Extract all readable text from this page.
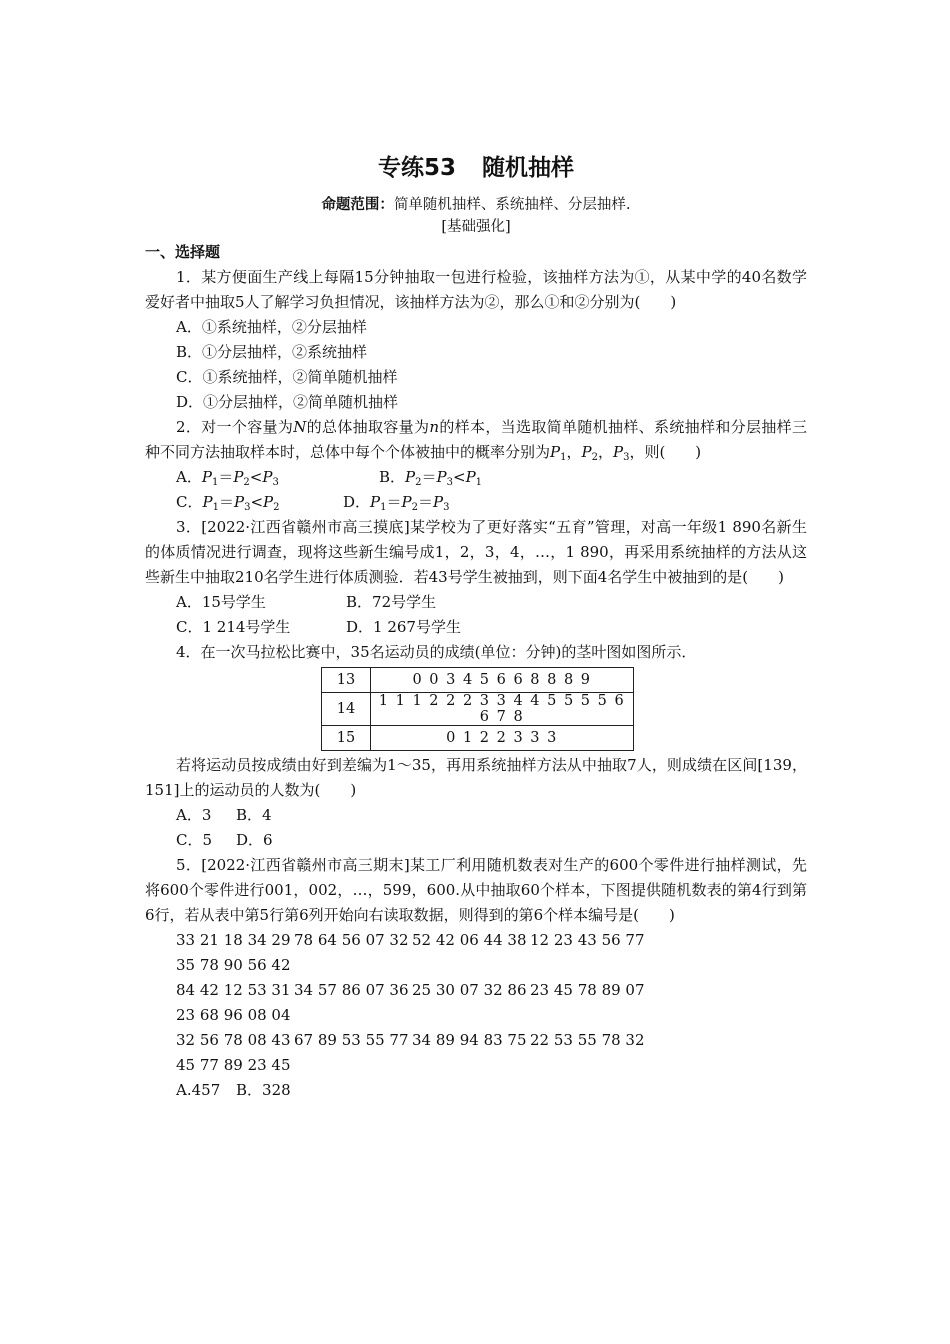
专练53 随机抽样
命题范围：简单随机抽样、系统抽样、分层抽样.
[基础强化]
一、选择题

1．某方便面生产线上每隔15分钟抽取一包进行检验，该抽样方法为①，从某中学的40名数学爱好者中抽取5人了解学习负担情况，该抽样方法为②，那么①和②分别为(　　)

A．①系统抽样，②分层抽样

B．①分层抽样，②系统抽样

C．①系统抽样，②简单随机抽样

D．①分层抽样，②简单随机抽样

2．对一个容量为N的总体抽取容量为n的样本，当选取简单随机抽样、系统抽样和分层抽样三种不同方法抽取样本时，总体中每个个体被抽中的概率分别为$P_1$，$P_2$，$P_3$，则(　　)

A．$P_1=P_2<P_3$	B．$P_2=P_3<P_1$

C．$P_1=P_3<P_2$	D．$P_1=P_2=P_3$

3．[2022·江西省赣州市高三摸底]某学校为了更好落实“五育”管理，对高一年级1 890名新生的体质情况进行调查，现将这些新生编号成1，2，3，4，…，1 890，再采用系统抽样的方法从这些新生中抽取210名学生进行体质测验．若43号学生被抽到，则下面4名学生中被抽到的是(　　)

A．15号学生	B．72号学生

C．1 214号学生	D．1 267号学生

4．在一次马拉松比赛中，35名运动员的成绩(单位：分钟)的茎叶图如图所示．

13	0 0 3 4 5 6 6 8 8 8 9
14	1 1 1 2 2 2 3 3 4 4 5 5 5 5 6 6 7 8
15	0 1 2 2 3 3 3

若将运动员按成绩由好到差编为1～35，再用系统抽样方法从中抽取7人，则成绩在区间[139，151]上的运动员的人数为(　　)

A．3 B．4

C．5 D．6

5．[2022·江西省赣州市高三期末]某工厂利用随机数表对生产的600个零件进行抽样测试，先将600个零件进行001，002，…，599，600.从中抽取60个样本，下图提供随机数表的第4行到第6行，若从表中第5行第6列开始向右读取数据，则得到的第6个样本编号是(　　)

33 21 18 34 29 78 64 56 07 32 52 42 06 44 38 12 23 43 56 77

35 78 90 56 42

84 42 12 53 31 34 57 86 07 36 25 30 07 32 86 23 45 78 89 07

23 68 96 08 04

32 56 78 08 43 67 89 53 55 77 34 89 94 83 75 22 53 55 78 32

45 77 89 23 45

A.457 B．328
